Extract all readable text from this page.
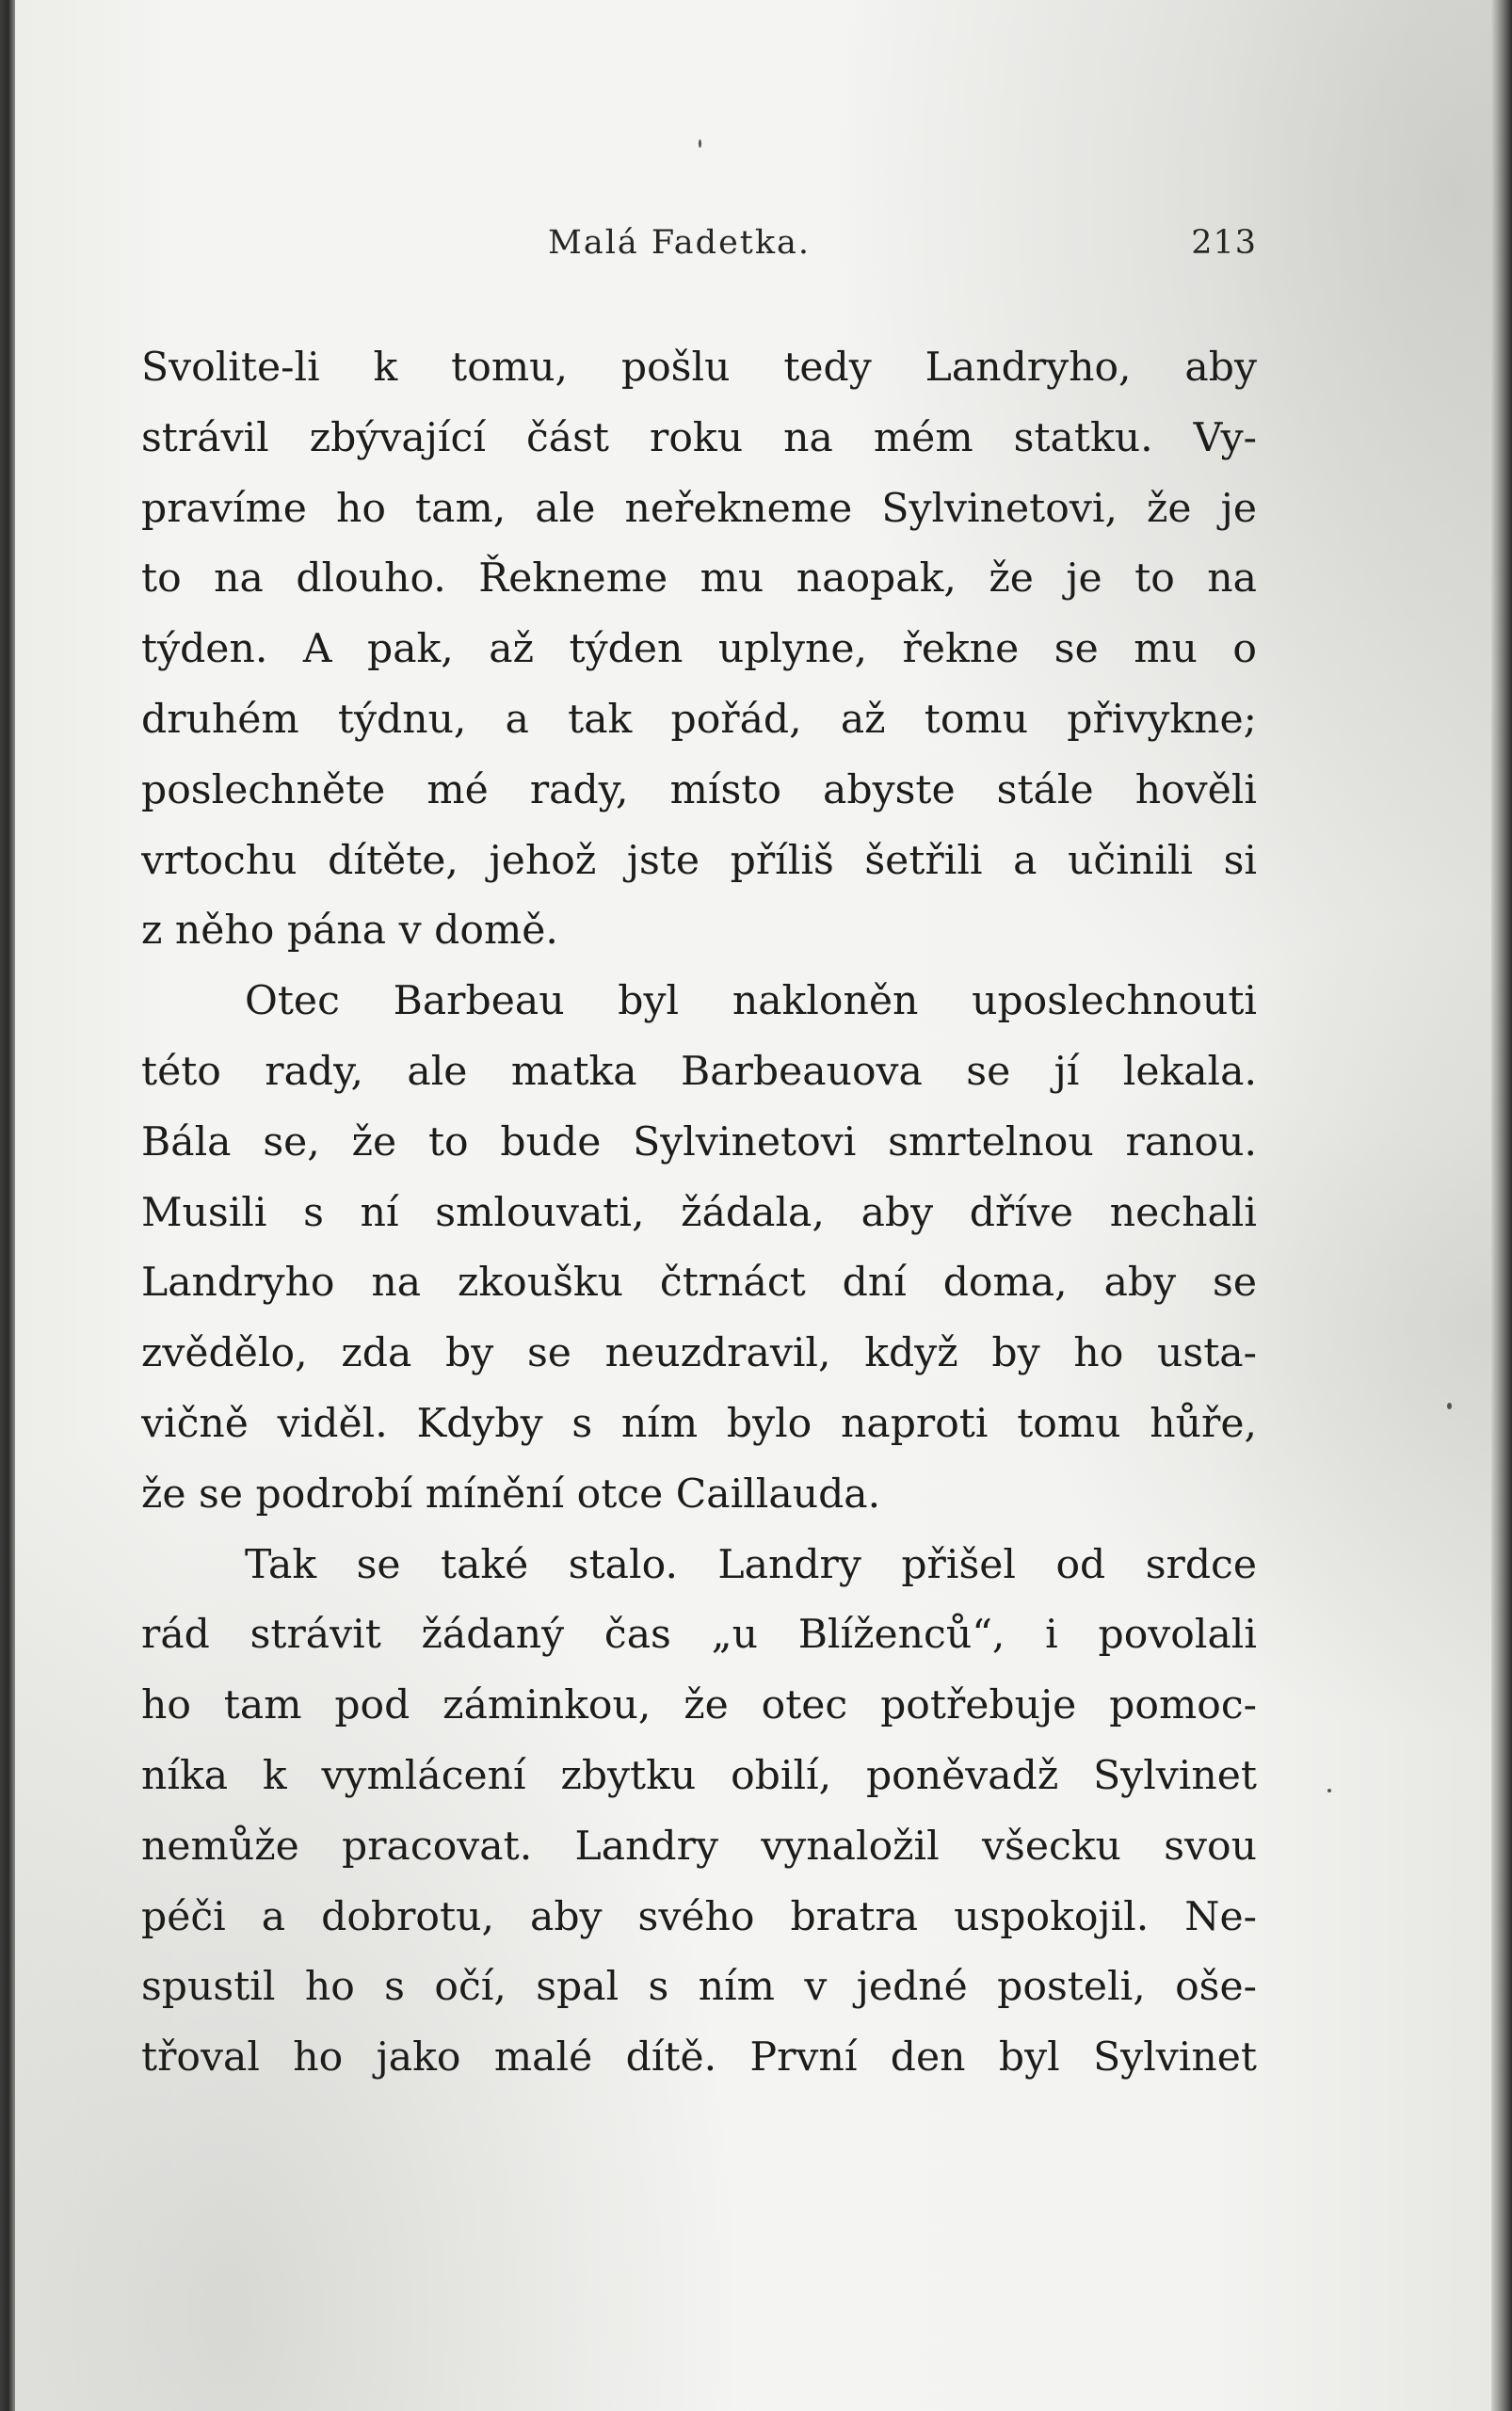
Malá Fadetka.	213
Svolite-li k tomu, pošlu tedy Landryho, aby
strávil zbývající část roku na mém statku. Vy-
pravíme ho tam, ale neřekneme Sylvinetovi, že je
to na dlouho. Řekneme mu naopak, že je to na
týden. A pak, až týden uplyne, řekne se mu o
druhém týdnu, a tak pořád, až tomu přivykne;
poslechněte mé rady, místo abyste stále hověli
vrtochu dítěte, jehož jste příliš šetřili a učinili si
z něho pána v domě.
Otec Barbeau byl nakloněn uposlechnouti
této rady, ale matka Barbeauova se jí lekala.
Bála se, že to bude Sylvinetovi smrtelnou ranou.
Musili s ní smlouvati, žádala, aby dříve nechali
Landryho na zkoušku čtrnáct dní doma, aby se
zvědělo, zda by se neuzdravil, když by ho usta-
vičně viděl. Kdyby s ním bylo naproti tomu hůře,
že se podrobí mínění otce Caillauda.
Tak se také stalo. Landry přišel od srdce
rád strávit žádaný čas „u Blíženců“, i povolali
ho tam pod záminkou, že otec potřebuje pomoc-
níka k vymlácení zbytku obilí, poněvadž Sylvinet
nemůže pracovat. Landry vynaložil všecku svou
péči a dobrotu, aby svého bratra uspokojil. Ne-
spustil ho s očí, spal s ním v jedné posteli, oše-
třoval ho jako malé dítě. První den byl Sylvinet
